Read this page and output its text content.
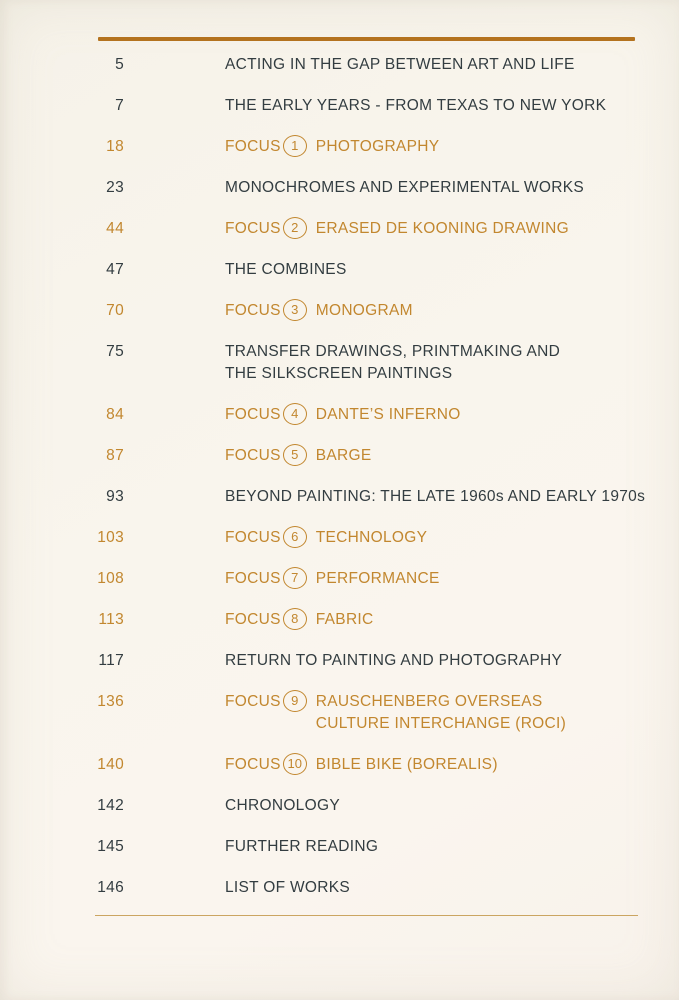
5	ACTING IN THE GAP BETWEEN ART AND LIFE
7	THE EARLY YEARS - FROM TEXAS TO NEW YORK
18	FOCUS 1	PHOTOGRAPHY
23	MONOCHROMES AND EXPERIMENTAL WORKS
44	FOCUS 2	ERASED DE KOONING DRAWING
47	THE COMBINES
70	FOCUS 3	MONOGRAM
75	TRANSFER DRAWINGS, PRINTMAKING AND
THE SILKSCREEN PAINTINGS
84	FOCUS 4	DANTE’S INFERNO
87	FOCUS 5	BARGE
93	BEYOND PAINTING: THE LATE 1960s AND EARLY 1970s
103	FOCUS 6	TECHNOLOGY
108	FOCUS 7	PERFORMANCE
113	FOCUS 8	FABRIC
117	RETURN TO PAINTING AND PHOTOGRAPHY
136	FOCUS 9	RAUSCHENBERG OVERSEAS
CULTURE INTERCHANGE (ROCI)
140	FOCUS 10 BIBLE BIKE (BOREALIS)
142	CHRONOLOGY
145	FURTHER READING
146	LIST OF WORKS
